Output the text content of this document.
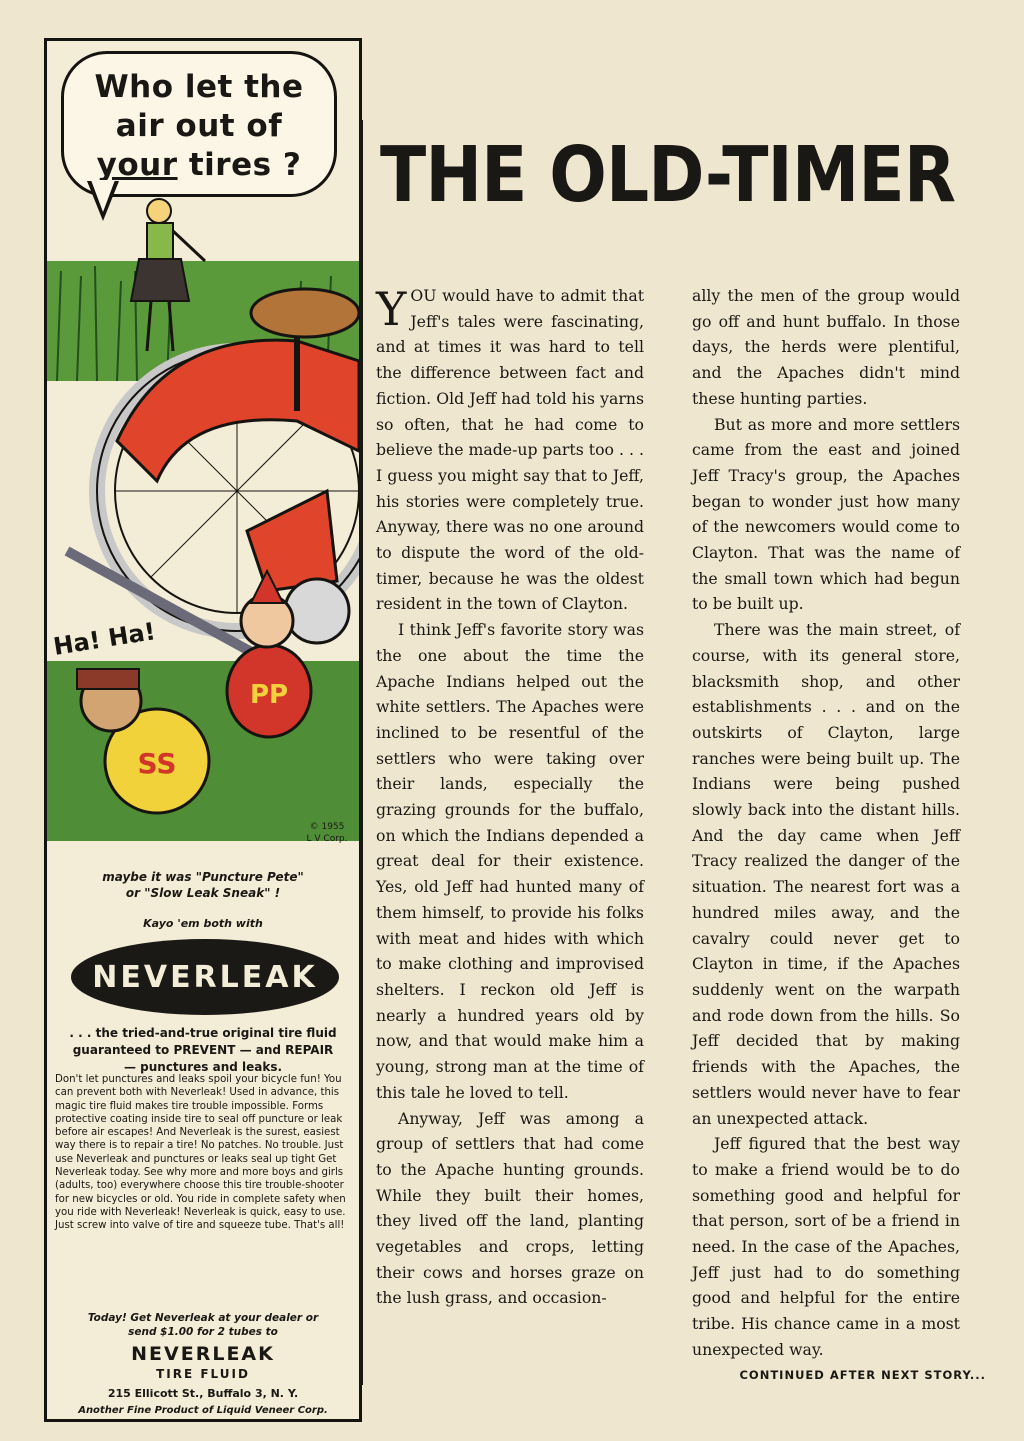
Who let the
air out of
your tires ?
SS
PP
Ha! Ha!
© 1955
L V Corp.
maybe it was "Puncture Pete"
or "Slow Leak Sneak" !
Kayo 'em both with
NEVERLEAK
. . . the tried-and-true original tire fluid guaranteed to PREVENT — and REPAIR — punctures and leaks.
Don't let punctures and leaks spoil your bicycle fun! You can prevent both with Neverleak! Used in advance, this magic tire fluid makes tire trouble impossible. Forms protective coating inside tire to seal off puncture or leak before air escapes! And Neverleak is the surest, easiest way there is to repair a tire! No patches. No trouble. Just use Neverleak and punctures or leaks seal up tight Get Neverleak today. See why more and more boys and girls (adults, too) everywhere choose this tire trouble-shooter for new bicycles or old. You ride in complete safety when you ride with Neverleak! Neverleak is quick, easy to use. Just screw into valve of tire and squeeze tube. That's all!
Today! Get Neverleak at your dealer or send $1.00 for 2 tubes to
NEVERLEAK
TIRE FLUID
215 Ellicott St., Buffalo 3, N. Y.
Another Fine Product of Liquid Veneer Corp.
THE OLD-TIMER

YOU would have to admit that Jeff's tales were fascinating, and at times it was hard to tell the difference between fact and fiction. Old Jeff had told his yarns so often, that he had come to believe the made-up parts too . . . I guess you might say that to Jeff, his stories were completely true. Anyway, there was no one around to dispute the word of the old-timer, because he was the oldest resident in the town of Clayton.

I think Jeff's favorite story was the one about the time the Apache Indians helped out the white settlers. The Apaches were inclined to be resentful of the settlers who were taking over their lands, especially the grazing grounds for the buffalo, on which the Indians depended a great deal for their existence. Yes, old Jeff had hunted many of them himself, to provide his folks with meat and hides with which to make clothing and improvised shelters. I reckon old Jeff is nearly a hundred years old by now, and that would make him a young, strong man at the time of this tale he loved to tell.

Anyway, Jeff was among a group of settlers that had come to the Apache hunting grounds. While they built their homes, they lived off the land, planting vegetables and crops, letting their cows and horses graze on the lush grass, and occasion-

ally the men of the group would go off and hunt buffalo. In those days, the herds were plentiful, and the Apaches didn't mind these hunting parties.

But as more and more settlers came from the east and joined Jeff Tracy's group, the Apaches began to wonder just how many of the newcomers would come to Clayton. That was the name of the small town which had begun to be built up.

There was the main street, of course, with its general store, blacksmith shop, and other establishments . . . and on the outskirts of Clayton, large ranches were being built up. The Indians were being pushed slowly back into the distant hills. And the day came when Jeff Tracy realized the danger of the situation. The nearest fort was a hundred miles away, and the cavalry could never get to Clayton in time, if the Apaches suddenly went on the warpath and rode down from the hills. So Jeff decided that by making friends with the Apaches, the settlers would never have to fear an unexpected attack.

Jeff figured that the best way to make a friend would be to do something good and helpful for that person, sort of be a friend in need. In the case of the Apaches, Jeff just had to do something good and helpful for the entire tribe. His chance came in a most unexpected way.

CONTINUED AFTER NEXT STORY...
